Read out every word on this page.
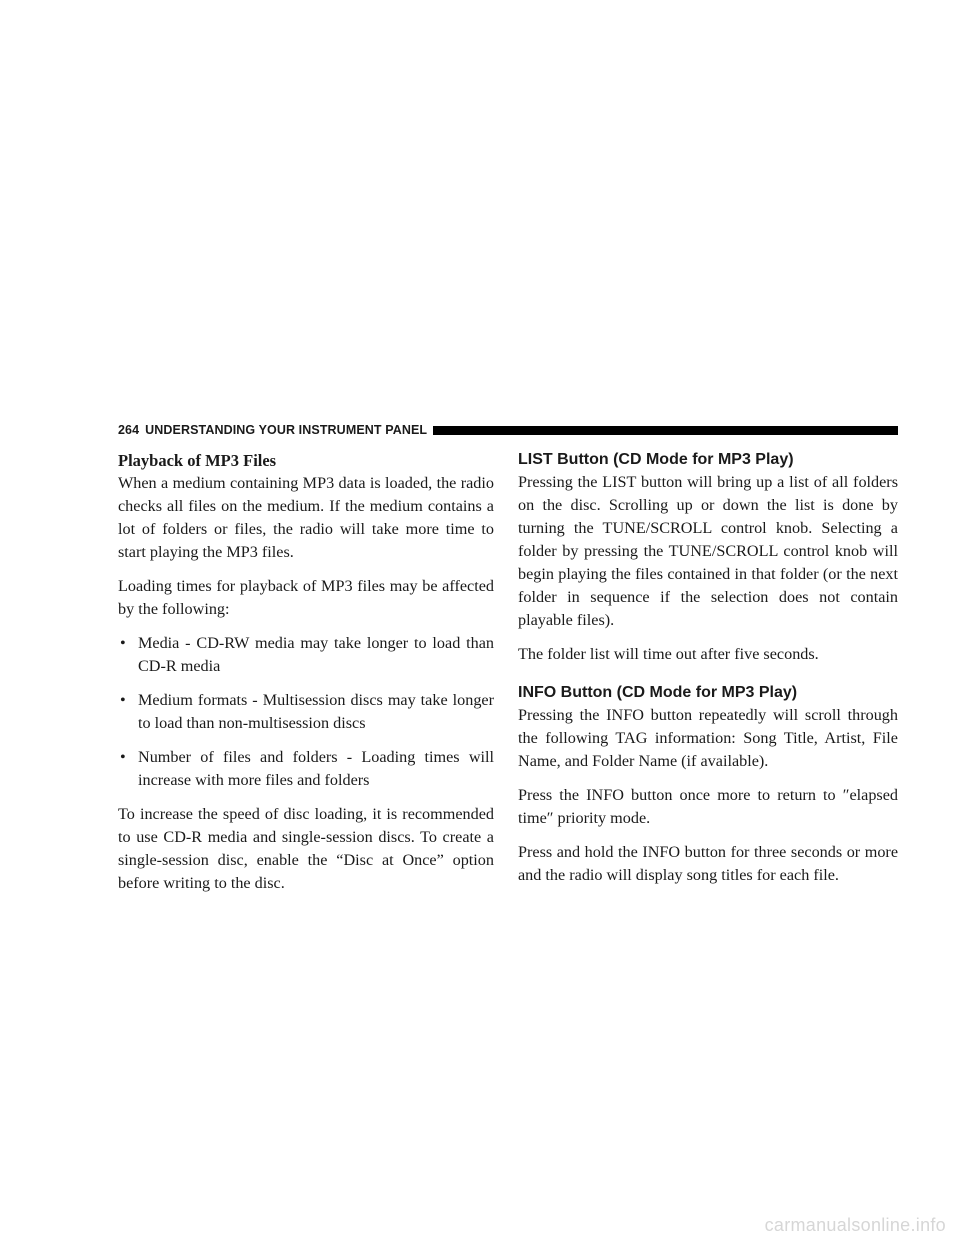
264 UNDERSTANDING YOUR INSTRUMENT PANEL
Playback of MP3 Files

When a medium containing MP3 data is loaded, the radio checks all files on the medium. If the medium contains a lot of folders or files, the radio will take more time to start playing the MP3 files.

Loading times for playback of MP3 files may be affected by the following:

• Media - CD-RW media may take longer to load than CD-R media
• Medium formats - Multisession discs may take longer to load than non-multisession discs
• Number of files and folders - Loading times will increase with more files and folders

To increase the speed of disc loading, it is recommended to use CD-R media and single-session discs. To create a single-session disc, enable the “Disc at Once” option before writing to the disc.

LIST Button (CD Mode for MP3 Play)

Pressing the LIST button will bring up a list of all folders on the disc. Scrolling up or down the list is done by turning the TUNE/SCROLL control knob. Selecting a folder by pressing the TUNE/SCROLL control knob will begin playing the files contained in that folder (or the next folder in sequence if the selection does not contain playable files).

The folder list will time out after five seconds.

INFO Button (CD Mode for MP3 Play)

Pressing the INFO button repeatedly will scroll through the following TAG information: Song Title, Artist, File Name, and Folder Name (if available).

Press the INFO button once more to return to ″elapsed time″ priority mode.

Press and hold the INFO button for three seconds or more and the radio will display song titles for each file.

carmanualsonline.info
